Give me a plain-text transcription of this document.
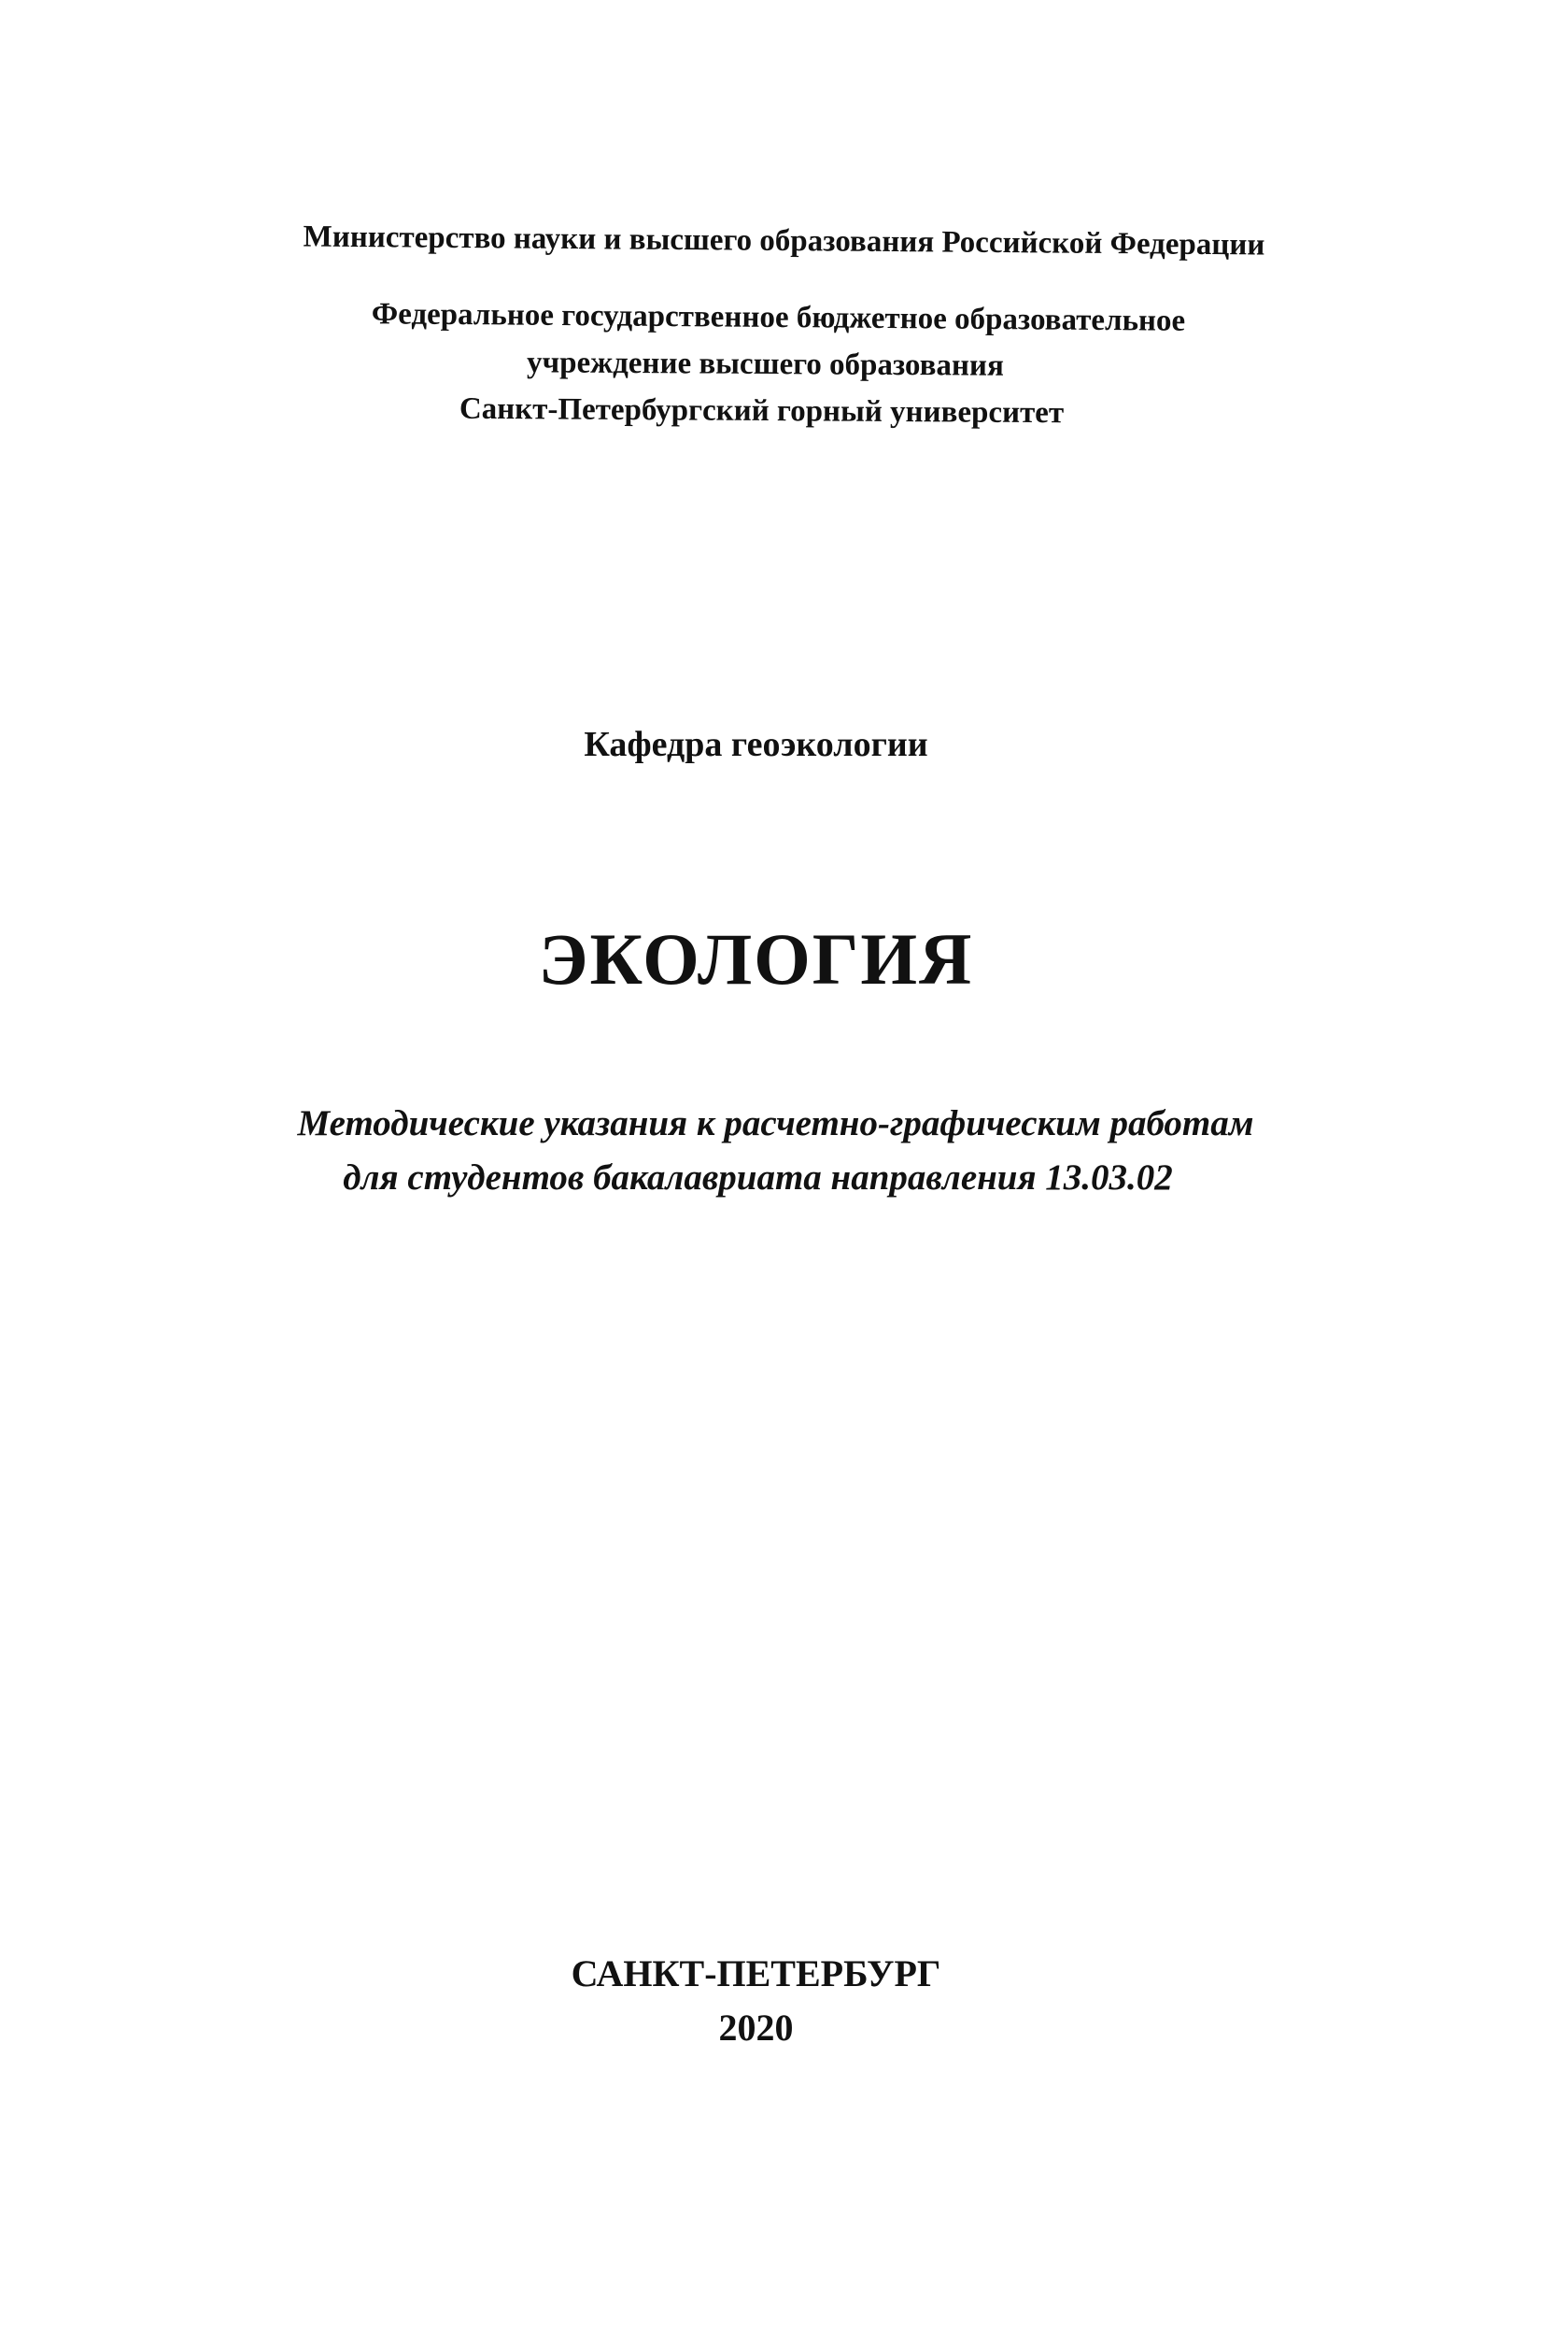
Министерство науки и высшего образования Российской Федерации
Федеральное государственное бюджетное образовательное
учреждение высшего образования
Санкт-Петербургский горный университет
Кафедра геоэкологии
ЭКОЛОГИЯ
Методические указания к расчетно-графическим работам
для студентов бакалавриата направления 13.03.02
САНКТ-ПЕТЕРБУРГ
2020
